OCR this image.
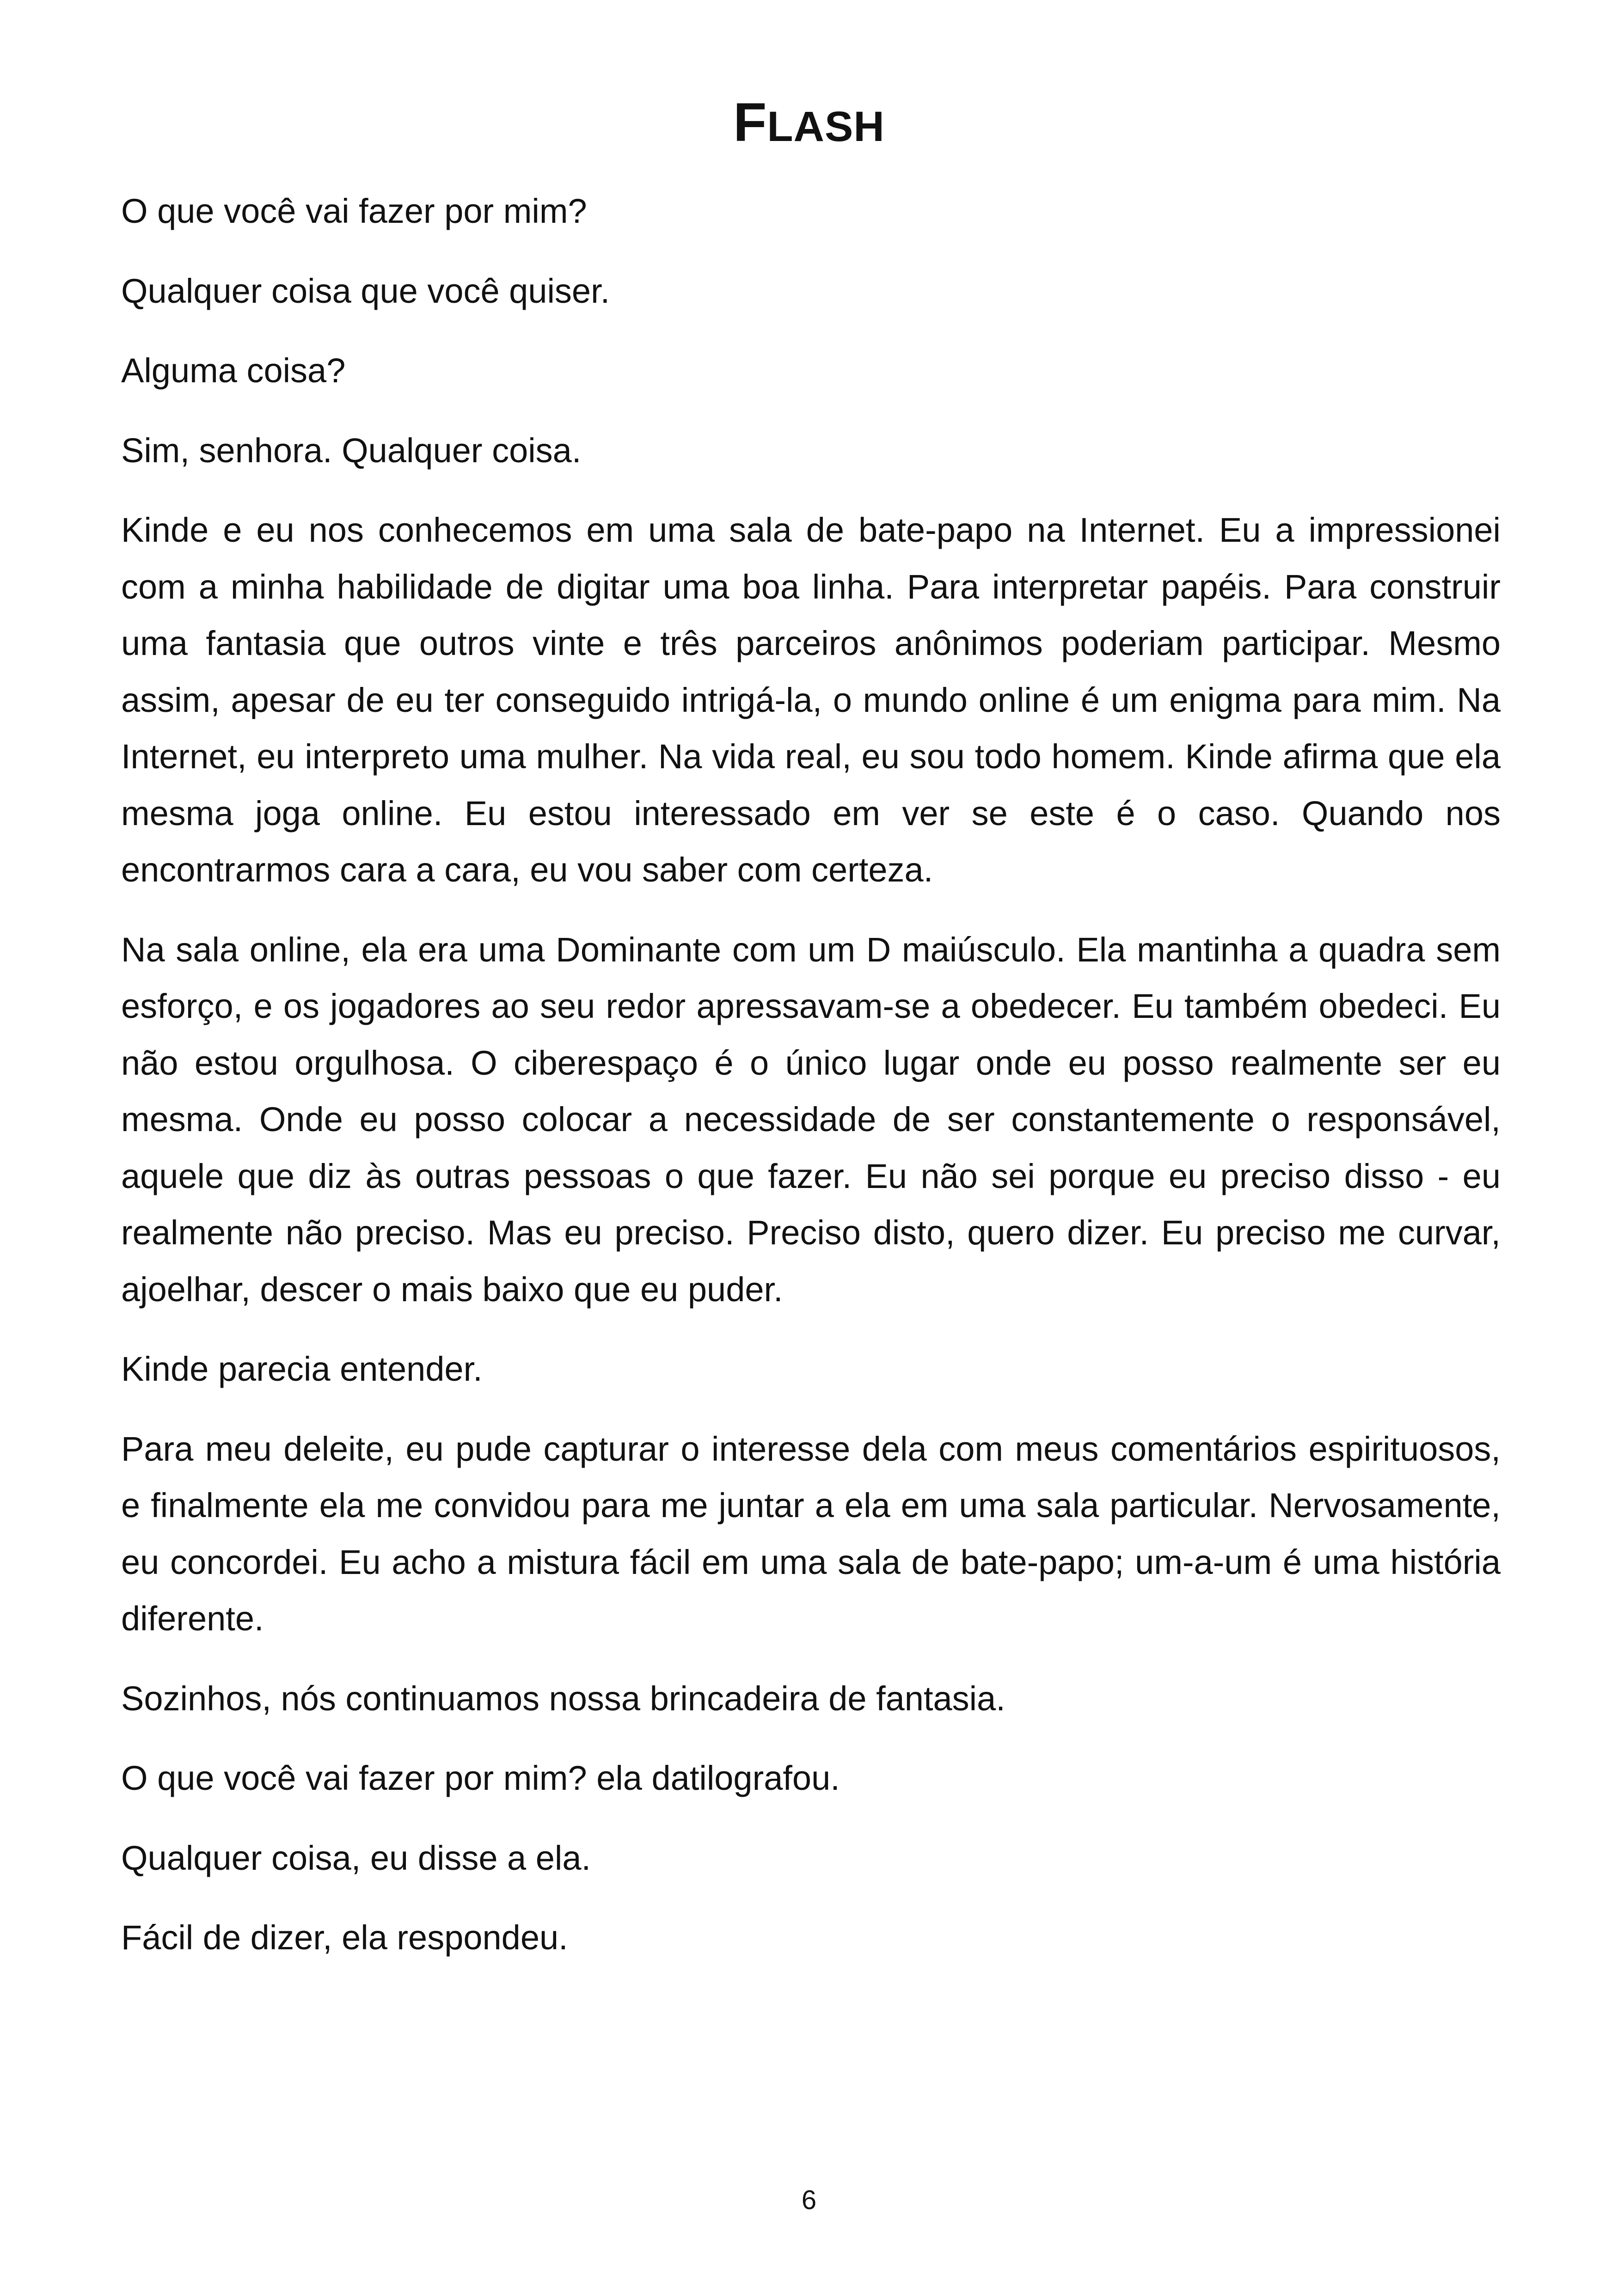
FLASH

O que você vai fazer por mim?

Qualquer coisa que você quiser.

Alguma coisa?

Sim, senhora. Qualquer coisa.

Kinde e eu nos conhecemos em uma sala de bate-papo na Internet. Eu a impressionei com a minha habilidade de digitar uma boa linha. Para interpretar papéis. Para construir uma fantasia que outros vinte e três parceiros anônimos poderiam participar. Mesmo assim, apesar de eu ter conseguido intrigá-la, o mundo online é um enigma para mim. Na Internet, eu interpreto uma mulher. Na vida real, eu sou todo homem. Kinde afirma que ela mesma joga online. Eu estou interessado em ver se este é o caso. Quando nos encontrarmos cara a cara, eu vou saber com certeza.

Na sala online, ela era uma Dominante com um D maiúsculo. Ela mantinha a quadra sem esforço, e os jogadores ao seu redor apressavam-se a obedecer. Eu também obedeci. Eu não estou orgulhosa. O ciberespaço é o único lugar onde eu posso realmente ser eu mesma. Onde eu posso colocar a necessidade de ser constantemente o responsável, aquele que diz às outras pessoas o que fazer. Eu não sei porque eu preciso disso - eu realmente não preciso. Mas eu preciso. Preciso disto, quero dizer. Eu preciso me curvar, ajoelhar, descer o mais baixo que eu puder.

Kinde parecia entender.

Para meu deleite, eu pude capturar o interesse dela com meus comentários espirituosos, e finalmente ela me convidou para me juntar a ela em uma sala particular. Nervosamente, eu concordei. Eu acho a mistura fácil em uma sala de bate-papo; um-a-um é uma história diferente.

Sozinhos, nós continuamos nossa brincadeira de fantasia.

O que você vai fazer por mim? ela datilografou.

Qualquer coisa, eu disse a ela.

Fácil de dizer, ela respondeu.

6
